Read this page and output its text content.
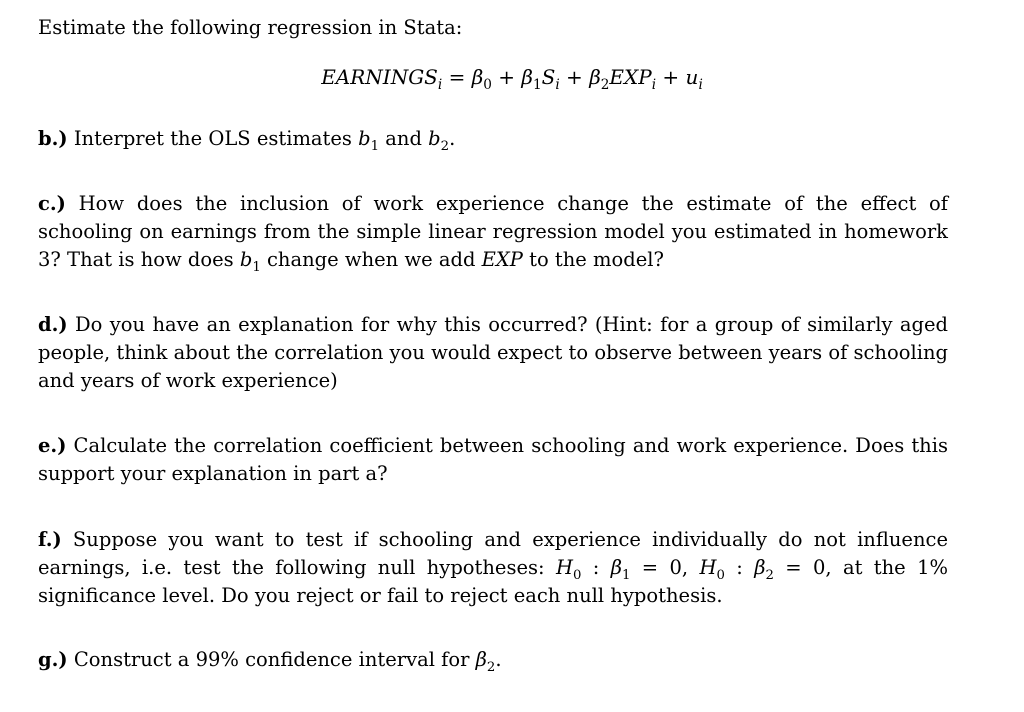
Estimate the following regression in Stata:
$EARNINGS_i = \beta_0 + \beta_1S_i + \beta_2EXP_i + u_i$
b.) Interpret the OLS estimates $b_1$ and $b_2$.
c.) How does the inclusion of work experience change the estimate of the effect of schooling on earnings from the simple linear regression model you estimated in homework 3? That is how does $b_1$ change when we add EXP to the model?
d.) Do you have an explanation for why this occurred? (Hint: for a group of similarly aged people, think about the correlation you would expect to observe between years of schooling and years of work experience)
e.) Calculate the correlation coefficient between schooling and work experience. Does this support your explanation in part a?
f.) Suppose you want to test if schooling and experience individually do not influence earnings, i.e. test the following null hypotheses: $H_0$ : $\beta_1 = 0$, $H_0$ : $\beta_2 = 0$, at the 1% significance level. Do you reject or fail to reject each null hypothesis.
g.) Construct a 99% confidence interval for $\beta_2$.
